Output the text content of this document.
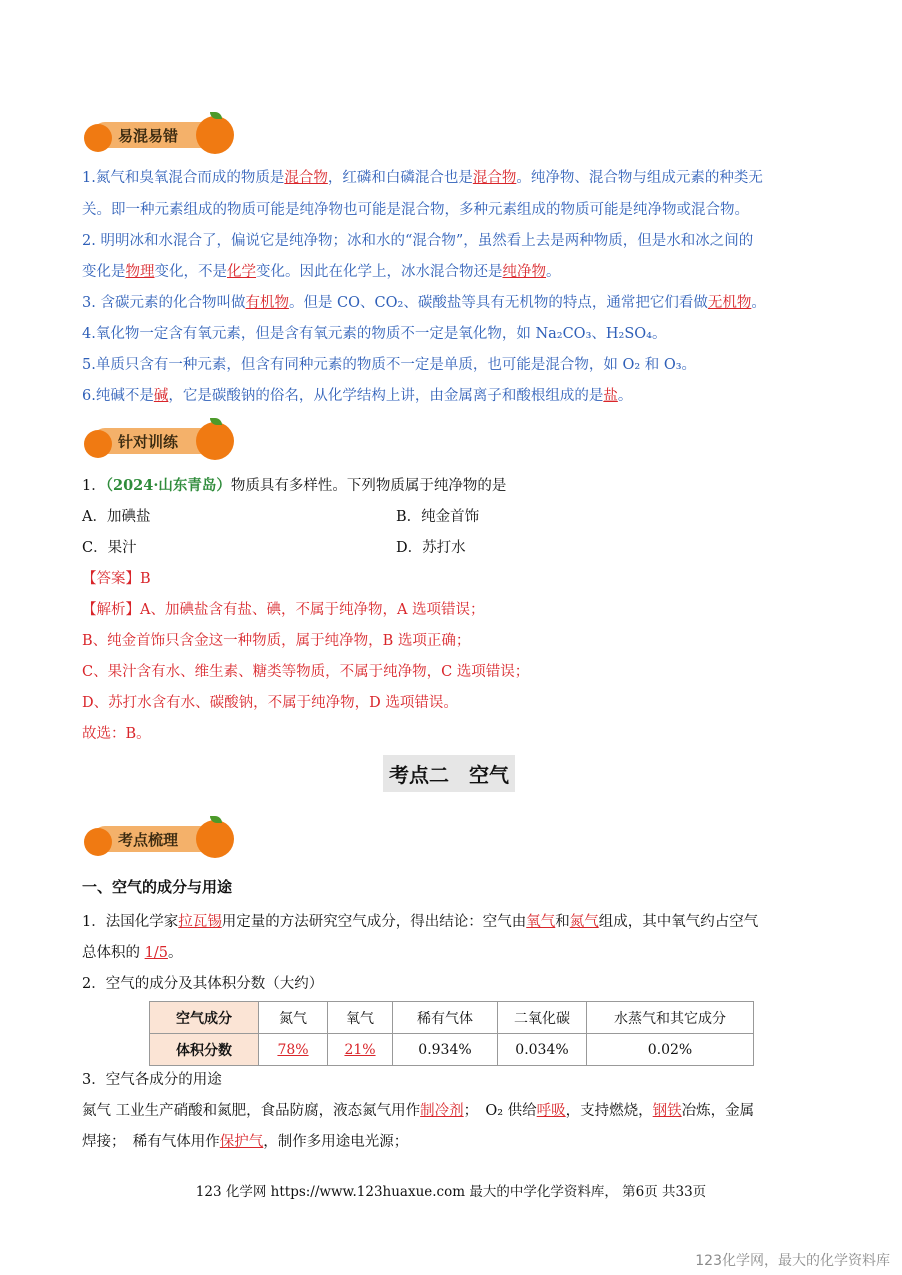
易混易错
1.氮气和臭氧混合而成的物质是混合物，红磷和白磷混合也是混合物。纯净物、混合物与组成元素的种类无
关。即一种元素组成的物质可能是纯净物也可能是混合物，多种元素组成的物质可能是纯净物或混合物。
2. 明明冰和水混合了，偏说它是纯净物；冰和水的“混合物”，虽然看上去是两种物质，但是水和冰之间的
变化是物理变化，不是化学变化。因此在化学上，冰水混合物还是纯净物。
3. 含碳元素的化合物叫做有机物。但是 CO、CO₂、碳酸盐等具有无机物的特点，通常把它们看做无机物。
4.氧化物一定含有氧元素，但是含有氧元素的物质不一定是氧化物，如 Na₂CO₃、H₂SO₄。
5.单质只含有一种元素，但含有同种元素的物质不一定是单质，也可能是混合物，如 O₂ 和 O₃。
6.纯碱不是碱，它是碳酸钠的俗名，从化学结构上讲，由金属离子和酸根组成的是盐。
针对训练
1．（2024·山东青岛）物质具有多样性。下列物质属于纯净物的是
A．加碘盐	B．纯金首饰
C．果汁	D．苏打水
【答案】B
【解析】A、加碘盐含有盐、碘，不属于纯净物，A 选项错误；
B、纯金首饰只含金这一种物质，属于纯净物，B 选项正确；
C、果汁含有水、维生素、糖类等物质，不属于纯净物，C 选项错误；
D、苏打水含有水、碳酸钠，不属于纯净物，D 选项错误。
故选：B。
考点二　空气
考点梳理
一、空气的成分与用途
1．法国化学家拉瓦锡用定量的方法研究空气成分，得出结论：空气由氧气和氮气组成，其中氧气约占空气
总体积的 1/5。
2．空气的成分及其体积分数（大约）
空气成分	氮气	氧气	稀有气体	二氧化碳	水蒸气和其它成分
体积分数	78%	21%	0.934%	0.034%	0.02%
3．空气各成分的用途
氮气 工业生产硝酸和氮肥，食品防腐，液态氮气用作制冷剂；　O₂ 供给呼吸，支持燃烧，钢铁冶炼，金属
焊接；　稀有气体用作保护气，制作多用途电光源；
123 化学网 https://www.123huaxue.com 最大的中学化学资料库， 第6页 共33页
123化学网，最大的化学资料库
